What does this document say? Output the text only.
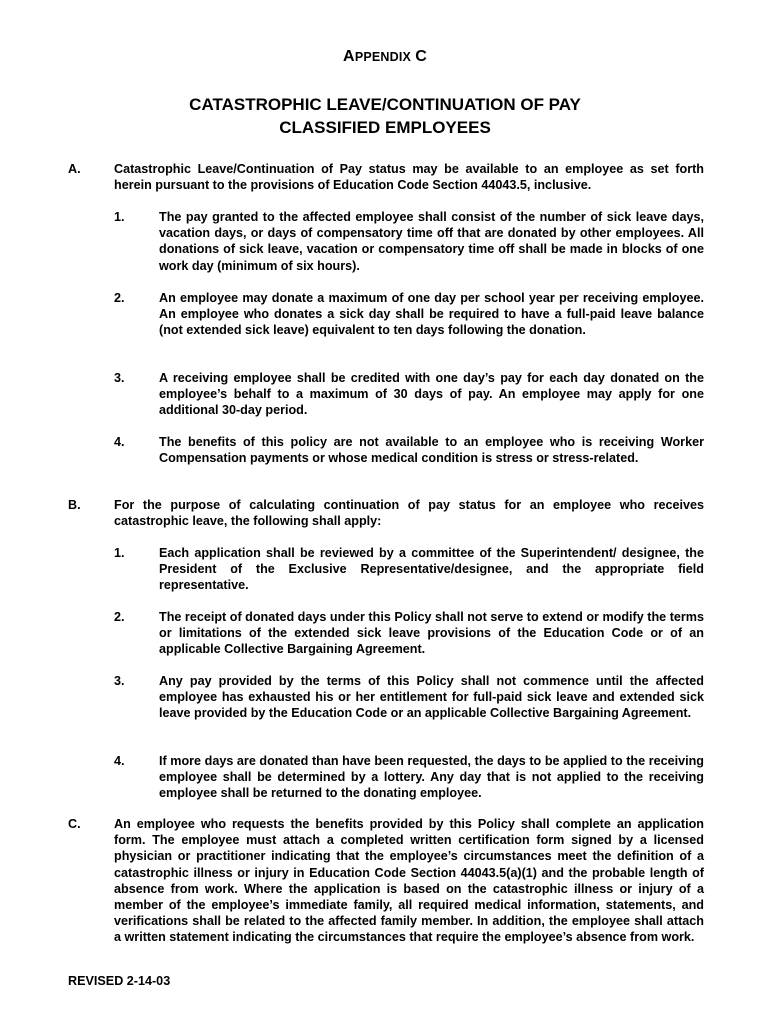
APPENDIX C
CATASTROPHIC LEAVE/CONTINUATION OF PAY
CLASSIFIED EMPLOYEES
A.	Catastrophic Leave/Continuation of Pay status may be available to an employee as set forth herein pursuant to the provisions of Education Code Section 44043.5, inclusive.
1.	The pay granted to the affected employee shall consist of the number of sick leave days, vacation days, or days of compensatory time off that are donated by other employees. All donations of sick leave, vacation or compensatory time off shall be made in blocks of one work day (minimum of six hours).
2.	An employee may donate a maximum of one day per school year per receiving employee. An employee who donates a sick day shall be required to have a full-paid leave balance (not extended sick leave) equivalent to ten days following the donation.
3.	A receiving employee shall be credited with one day’s pay for each day donated on the employee’s behalf to a maximum of 30 days of pay. An employee may apply for one additional 30-day period.
4.	The benefits of this policy are not available to an employee who is receiving Worker Compensation payments or whose medical condition is stress or stress-related.
B.	For the purpose of calculating continuation of pay status for an employee who receives catastrophic leave, the following shall apply:
1.	Each application shall be reviewed by a committee of the Superintendent/ designee, the President of the Exclusive Representative/designee, and the appropriate field representative.
2.	The receipt of donated days under this Policy shall not serve to extend or modify the terms or limitations of the extended sick leave provisions of the Education Code or of an applicable Collective Bargaining Agreement.
3.	Any pay provided by the terms of this Policy shall not commence until the affected employee has exhausted his or her entitlement for full-paid sick leave and extended sick leave provided by the Education Code or an applicable Collective Bargaining Agreement.
4.	If more days are donated than have been requested, the days to be applied to the receiving employee shall be determined by a lottery. Any day that is not applied to the receiving employee shall be returned to the donating employee.
C.	An employee who requests the benefits provided by this Policy shall complete an application form. The employee must attach a completed written certification form signed by a licensed physician or practitioner indicating that the employee’s circumstances meet the definition of a catastrophic illness or injury in Education Code Section 44043.5(a)(1) and the probable length of absence from work. Where the application is based on the catastrophic illness or injury of a member of the employee’s immediate family, all required medical information, statements, and verifications shall be related to the affected family member. In addition, the employee shall attach a written statement indicating the circumstances that require the employee’s absence from work.
REVISED 2-14-03
